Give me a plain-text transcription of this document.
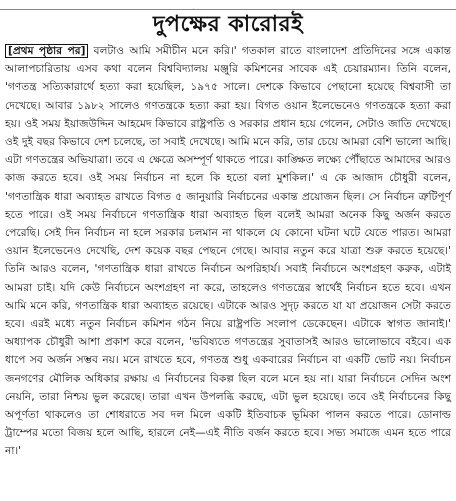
দুপক্ষের কারোরই
[প্রথম পৃষ্ঠার পর] বলটাও আমি সমীচীন মনে করি।' গতকাল রাতে বাংলাদেশ প্রতিদিনের সঙ্গে একান্ত আলাপচারিতায় এসব কথা বলেন বিশ্ববিদ্যালয় মঞ্জুরি কমিশনের সাবেক এই চেয়ারম্যান। তিনি বলেন, 'গণতন্ত্র সত্যিকারার্থে হত্যা করা হয়েছিল, ১৯৭৫ সালে। দেশকে কিভাবে পেছানো হয়েছে বিশ্ববাসী তা দেখেছে। আবার ১৯৮২ সালেও গণতন্ত্রকে হত্যা করা হয়। বিগত ওয়ান ইলেভেনেও গণতন্ত্রকে হত্যা করা হয়। ওই সময় ইয়াজউদ্দিন আহমেদ কিভাবে রাষ্ট্রপতি ও সরকার প্রধান হয়ে গেলেন, সেটাও জাতি দেখেছে। ওই দুই বছর কিভাবে দেশ চলেছে, তা সবাই দেখেছে। আমি মনে করি, তার চেয়ে আমরা বেশি ভালো আছি। এটা গণতন্ত্রের অভিযাত্রা। তবে এ ক্ষেত্রে অসম্পূর্ণ থাকতে পারে। কাঙ্ক্ষিত লক্ষ্যে পৌঁছাতে আমাদের আরও কাজ করতে হবে। ওই সময় নির্বাচন না হলে কি হতো বলা মুশকিল।' এ কে আজাদ চৌধুরী বলেন, 'গণতান্ত্রিক ধারা অব্যাহত রাখতে বিগত ৫ জানুয়ারি নির্বাচনের একান্ত প্রয়োজন ছিল। সে নির্বাচন ত্রুটিপূর্ণ হতে পারে। ওই সময় নির্বাচনে গণতান্ত্রিক ধারা অব্যাহত ছিল বলেই আমরা অনেক কিছু অর্জন করতে পেরেছি। সেই দিন নির্বাচন না হলে সরকার চলমান না থাকলে যে কোনো ঘটনা ঘটে যেতে পারত। আমরা ওয়ান ইলেভেনেও দেখেছি, দেশ কয়েক বছর পেছনে গেছে। আবার নতুন করে যাত্রা শুরু করতে হয়েছে।' তিনি আরও বলেন, 'গণতান্ত্রিক ধারা রাখতে নির্বাচন অপরিহার্য। সবাই নির্বাচনে অংশগ্রহণ করুক, এটাই আমরা চাই। যদি কেউ নির্বাচনে অংশগ্রহণ না করে, তাহলেও গণতন্ত্রের স্বার্থেই নির্বাচন হতে হবে। এখন আমি মনে করি, গণতান্ত্রিক ধারা অব্যাহত রয়েছে। এটাকে আরও সুদৃঢ় করতে যা যা প্রয়োজন সেটা করতে হবে। এরই মধ্যে নতুন নির্বাচন কমিশন গঠন নিয়ে রাষ্ট্রপতি সংলাপ ডেকেছেন। এটাকে স্বাগত জানাই।' অধ্যাপক চৌধুরী আশা প্রকাশ করে বলেন, 'ভবিষ্যতে গণতন্ত্রের সুবাতাসই আরও ভালোভাবে বইবে। এক ধাপে সব অর্জন সম্ভব নয়। মনে রাখতে হবে, গণতন্ত্র শুধু একবারের নির্বাচন বা একটি ভোট নয়। নির্বাচন জনগণের মৌলিক অধিকার রক্ষায় এ নির্বাচনের বিকল্প ছিল বলে মনে হয় না। যারা নির্বাচনে সেদিন অংশ নেয়নি, তারা নিশ্চয় ভুল করেছে। তারা এখন উপলব্ধি করছে, এটা ভুল হয়েছে। তবে ওই নির্বাচনের কিছু অপূর্ণতা থাকলেও তা শোধরাতে সব দল মিলে একটি ইতিবাচক ভূমিকা পালন করতে পারে। ডোনাল্ড ট্রাম্পের মতো বিজয় হলে আছি, হারলে নেই—এই নীতি বর্জন করতে হবে। সভ্য সমাজে এমন হতে পারে না।'
